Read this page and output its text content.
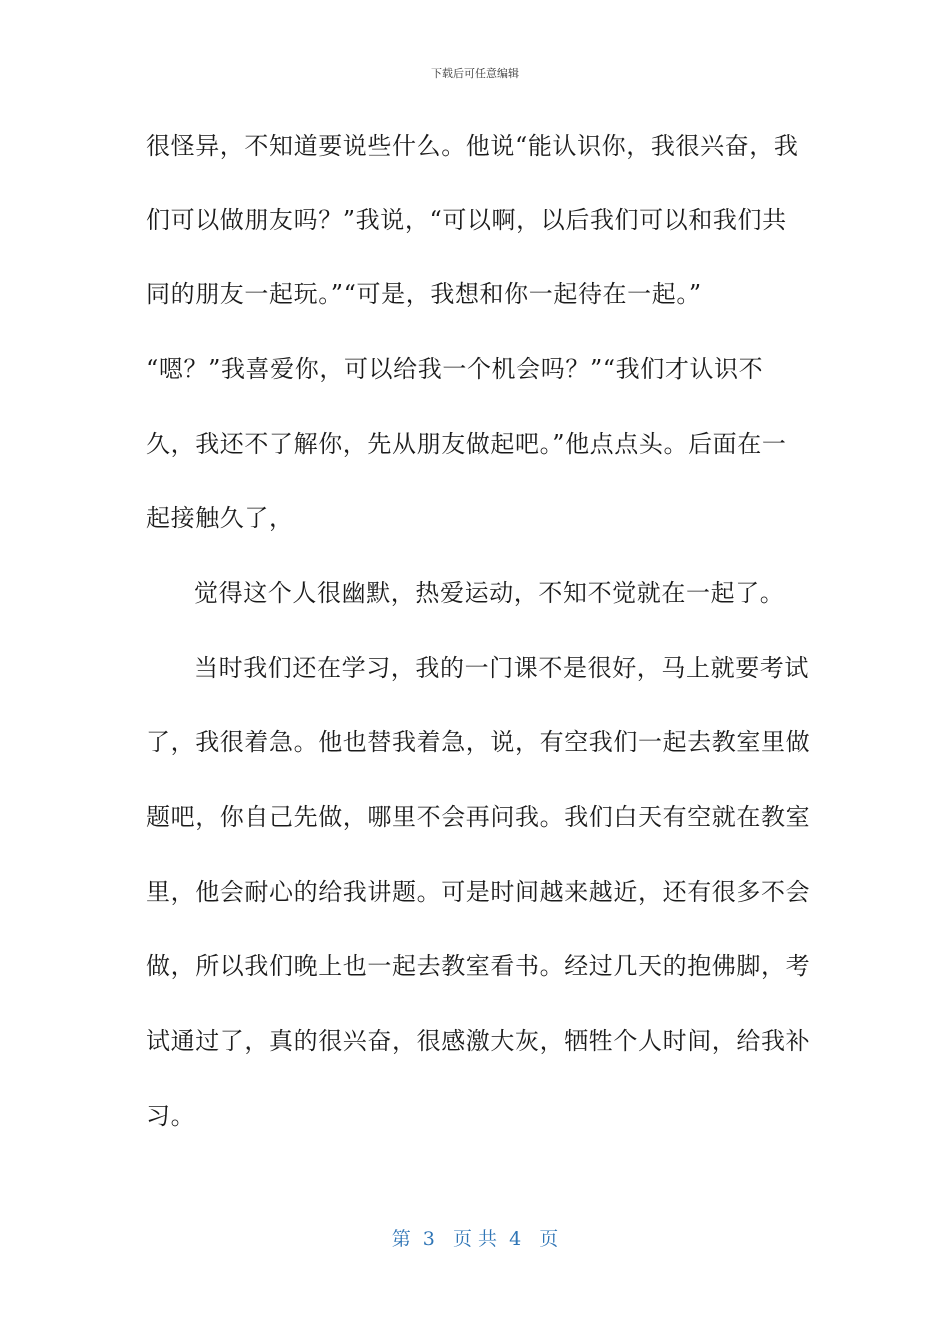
下载后可任意编辑
很怪异，不知道要说些什么。他说“能认识你，我很兴奋，我
们可以做朋友吗？”我说，“可以啊，以后我们可以和我们共
同的朋友一起玩。”“可是，我想和你一起待在一起。”
“嗯？”我喜爱你，可以给我一个机会吗？”“我们才认识不
久，我还不了解你，先从朋友做起吧。”他点点头。后面在一
起接触久了，
觉得这个人很幽默，热爱运动，不知不觉就在一起了。
当时我们还在学习，我的一门课不是很好，马上就要考试
了，我很着急。他也替我着急，说，有空我们一起去教室里做
题吧，你自己先做，哪里不会再问我。我们白天有空就在教室
里，他会耐心的给我讲题。可是时间越来越近，还有很多不会
做，所以我们晚上也一起去教室看书。经过几天的抱佛脚，考
试通过了，真的很兴奋，很感激大灰，牺牲个人时间，给我补
习。
第  3   页 共  4   页
